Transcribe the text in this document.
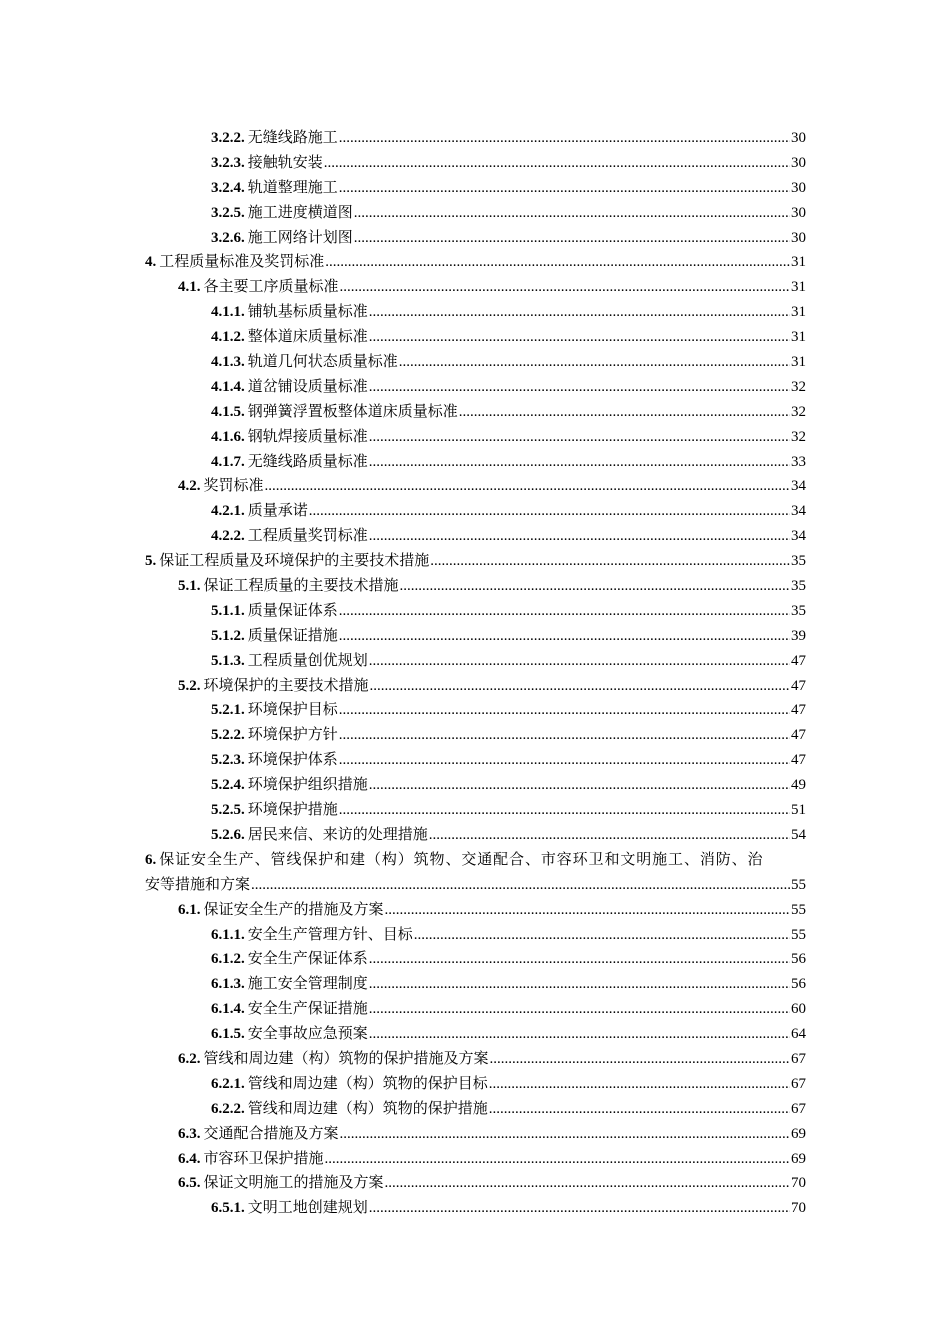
3.2.2. 无缝线路施工 .....	30
3.2.3. 接触轨安装 .....	30
3.2.4. 轨道整理施工 .....	30
3.2.5. 施工进度横道图 .....	30
3.2.6. 施工网络计划图 .....	30
4. 工程质量标准及奖罚标准 .....	31
4.1. 各主要工序质量标准 .....	31
4.1.1. 铺轨基标质量标准 .....	31
4.1.2. 整体道床质量标准 .....	31
4.1.3. 轨道几何状态质量标准 .....	31
4.1.4. 道岔铺设质量标准 .....	32
4.1.5. 钢弹簧浮置板整体道床质量标准 .....	32
4.1.6. 钢轨焊接质量标准 .....	32
4.1.7. 无缝线路质量标准 .....	33
4.2. 奖罚标准 .....	34
4.2.1. 质量承诺 .....	34
4.2.2. 工程质量奖罚标准 .....	34
5. 保证工程质量及环境保护的主要技术措施 .....	35
5.1. 保证工程质量的主要技术措施 .....	35
5.1.1. 质量保证体系 .....	35
5.1.2. 质量保证措施 .....	39
5.1.3. 工程质量创优规划 .....	47
5.2. 环境保护的主要技术措施 .....	47
5.2.1. 环境保护目标 .....	47
5.2.2. 环境保护方针 .....	47
5.2.3. 环境保护体系 .....	47
5.2.4. 环境保护组织措施 .....	49
5.2.5. 环境保护措施 .....	51
5.2.6. 居民来信、来访的处理措施 .....	54
6. 保证安全生产、管线保护和建（构）筑物、交通配合、市容环卫和文明施工、消防、治
安等措施和方案 .....	55
6.1. 保证安全生产的措施及方案 .....	55
6.1.1. 安全生产管理方针、目标 .....	55
6.1.2. 安全生产保证体系 .....	56
6.1.3. 施工安全管理制度 .....	56
6.1.4. 安全生产保证措施 .....	60
6.1.5. 安全事故应急预案 .....	64
6.2. 管线和周边建（构）筑物的保护措施及方案 .....	67
6.2.1. 管线和周边建（构）筑物的保护目标 .....	67
6.2.2. 管线和周边建（构）筑物的保护措施 .....	67
6.3. 交通配合措施及方案 .....	69
6.4. 市容环卫保护措施 .....	69
6.5. 保证文明施工的措施及方案 .....	70
6.5.1. 文明工地创建规划 .....	70
